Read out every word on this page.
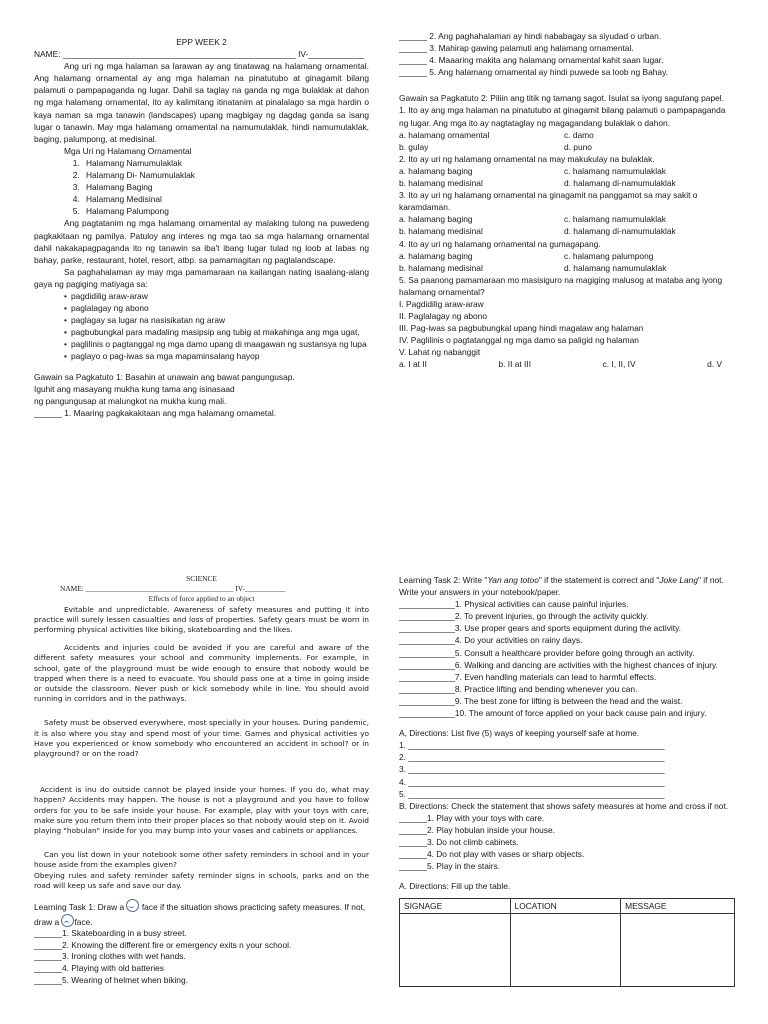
EPP WEEK 2

NAME: __________________________________________________ IV-____________

Ang uri ng mga halaman sa larawan ay ang tinatawag na halamang ornamental. Ang halamang ornamental ay ang mga halaman na pinatutubo at ginagamit bilang palamuti o pampapaganda ng lugar. Dahil sa taglay na ganda ng mga bulaklak at dahon ng mga halamang ornamental, ito ay kalimitang itinatanim at pinalalago sa mga hardin o kaya naman sa mga tanawin (landscapes) upang magbigay ng dagdag ganda sa isang lugar o tanawin. May mga halamang ornamental na namumulaklak, hindi namumulaklak, baging, palumpong, at medisinal.

Mga Uri ng Halamang Ornamental

1. Halamang Namumulaklak
2. Halamang Di- Namumulaklak
3. Halamang Baging
4. Halamang Medisinal
5. Halamang Palumpong

Ang pagtatanim ng mga halamang ornamental ay malaking tulong na puwedeng pagkakitaan ng pamilya. Patuloy ang interes ng mga tao sa mga halamang ornamental dahil nakakapagpaganda ito ng tanawin sa iba't ibang lugar tulad ng loob at labas ng bahay, parke, restaurant, hotel, resort, atbp. sa pamamagitan ng paglalandscape.

Sa paghahalaman ay may mga pamamaraan na kailangan nating isaalang-alang gaya ng pagiging matiyaga sa:

• pagdidilig araw-araw
• paglalagay ng abono
• paglagay sa lugar na nasisikatan ng araw
• pagbubungkal para madaling masipsip ang tubig at makahinga ang mga ugat,
• paglilinis o pagtanggal ng mga damo upang di maagawan ng sustansya ng lupa
• paglayo o pag-iwas sa mga mapaminsalang hayop

Gawain sa Pagkatuto 1: Basahin at unawain ang bawat pangungusap.

Iguhit ang masayang mukha kung tama ang isinasaad

ng pangungusap at malungkot na mukha kung mali.

______ 1. Maaring pagkakakitaan ang mga halamang ornametal.

______ 2. Ang paghahalaman ay hindi nababagay sa siyudad o urban.

______ 3. Mahirap gawing palamuti ang halamang ornamental.

______ 4. Maaaring makita ang halamang ornamental kahit saan lugar.

______ 5. Ang halamang ornamental ay hindi puwede sa loob ng Bahay.

Gawain sa Pagkatuto 2: Piliin ang titik ng tamang sagot. Isulat sa iyong sagutang papel.

1. Ito ay ang mga halaman na pinatutubo at ginagamit bilang palamuti o pampapaganda ng lugar. Ang mga ito ay nagtataglay ng magagandang bulaklak o dahon.

a. halamang ornamental	c. damo
b. gulay	d. puno

2. Ito ay uri ng halamang ornamental na may makukulay na bulaklak.

a. halamang baging	c. halamang namumulaklak
b. halamang medisinal	d. halamang di-namumulaklak

3. Ito ay uri ng halamang ornamental na ginagamit na panggamot sa may sakit o karamdaman.

a. halamang baging	c. halamang namumulaklak
b. halamang medisinal	d. halamang di-namumulaklak

4. Ito ay uri ng halamang ornamental na gumagapang.

a. halamang baging	c. halamang palumpong
b. halamang medisinal	d. halamang namumulaklak

5. Sa paanong pamamaraan mo masisiguro na magiging malusog at mataba ang iyong halamang ornamental?

I. Pagdidilig araw-araw

II. Paglalagay ng abono

III. Pag-iwas sa pagbubungkal upang hindi magalaw ang halaman

IV. Paglilinis o pagtatanggal ng mga damo sa paligid ng halaman

V. Lahat ng nabanggit

a. I at II	b. II at III	c. I, II, IV	d. V

SCIENCE

NAME: ________________________________________ IV-___________

Effects of force applied to an object

Evitable and unpredictable. Awareness of safety measures and putting it into practice will surely lessen casualties and loss of properties. Safety gears must be worn in performing physical activities like biking, skateboarding and the likes.

Accidents and injuries could be avoided if you are careful and aware of the different safety measures your school and community implements. For example, in school, gate of the playground must be wide enough to ensure that nobody would be trapped when there is a need to evacuate. You should pass one at a time in going inside or outside the classroom. Never push or kick somebody while in line. You should avoid running in corridors and in the pathways.

Safety must be observed everywhere, most specially in your houses. During pandemic, it is also where you stay and spend most of your time. Games and physical activities yo Have you experienced or know somebody who encountered an accident in school? or in playground? or on the road?

Accident is inu do outside cannot be played inside your homes. If you do, what may happen? Accidents may happen. The house is not a playground and you have to follow orders for you to be safe inside your house. For example, play with your toys with care, make sure you return them into their proper places so that nobody would step on it. Avoid playing "hobulan" inside for you may bump into your vases and cabinets or appliances.

Can you list down in your notebook some other safety reminders in school and in your house aside from the examples given?

Obeying rules and safety reminder safety reminder signs in schools, parks and on the road will keep us safe and save our day.

Learning Task 1: Draw a face if the situation shows practicing safety measures. If not, draw a face.

______1. Skateboarding in a busy street.

______2. Knowing the different fire or emergency exits n your school.

______3. Ironing clothes with wet hands.

______4. Playing with old batteries

______5. Wearing of helmet when biking.

Learning Task 2: Write "Yan ang totoo" if the statement is correct and "Joke Lang" if not. Write your answers in your notebook/paper.

____________1. Physical activities can cause painful injuries.

____________2. To prevent injuries, go through the activity quickly.

____________3. Use proper gears and sports equipment during the activity.

____________4. Do your activities on rainy days.

____________5. Consult a healthcare provider before going through an activity.

____________6. Walking and dancing are activities with the highest chances of injury.

____________7. Even handling materials can lead to harmful effects.

____________8. Practice lifting and bending whenever you can.

____________9. The best zone for lifting is between the head and the waist.

____________10. The amount of force applied on your back cause pain and injury.

A, Directions: List five (5) ways of keeping yourself safe at home.

1. _______________________________________________________

2. _______________________________________________________

3. _______________________________________________________

4. _______________________________________________________

5. _______________________________________________________

B. Directions: Check the statement that shows safety measures at home and cross if not.

______1. Play with your toys with care.

______2. Play hobulan inside your house.

______3. Do not climb cabinets.

______4. Do not play with vases or sharp objects.

______5. Play in the stairs.

A. Directions: Fill up the table.

SIGNAGE	LOCATION	MESSAGE
